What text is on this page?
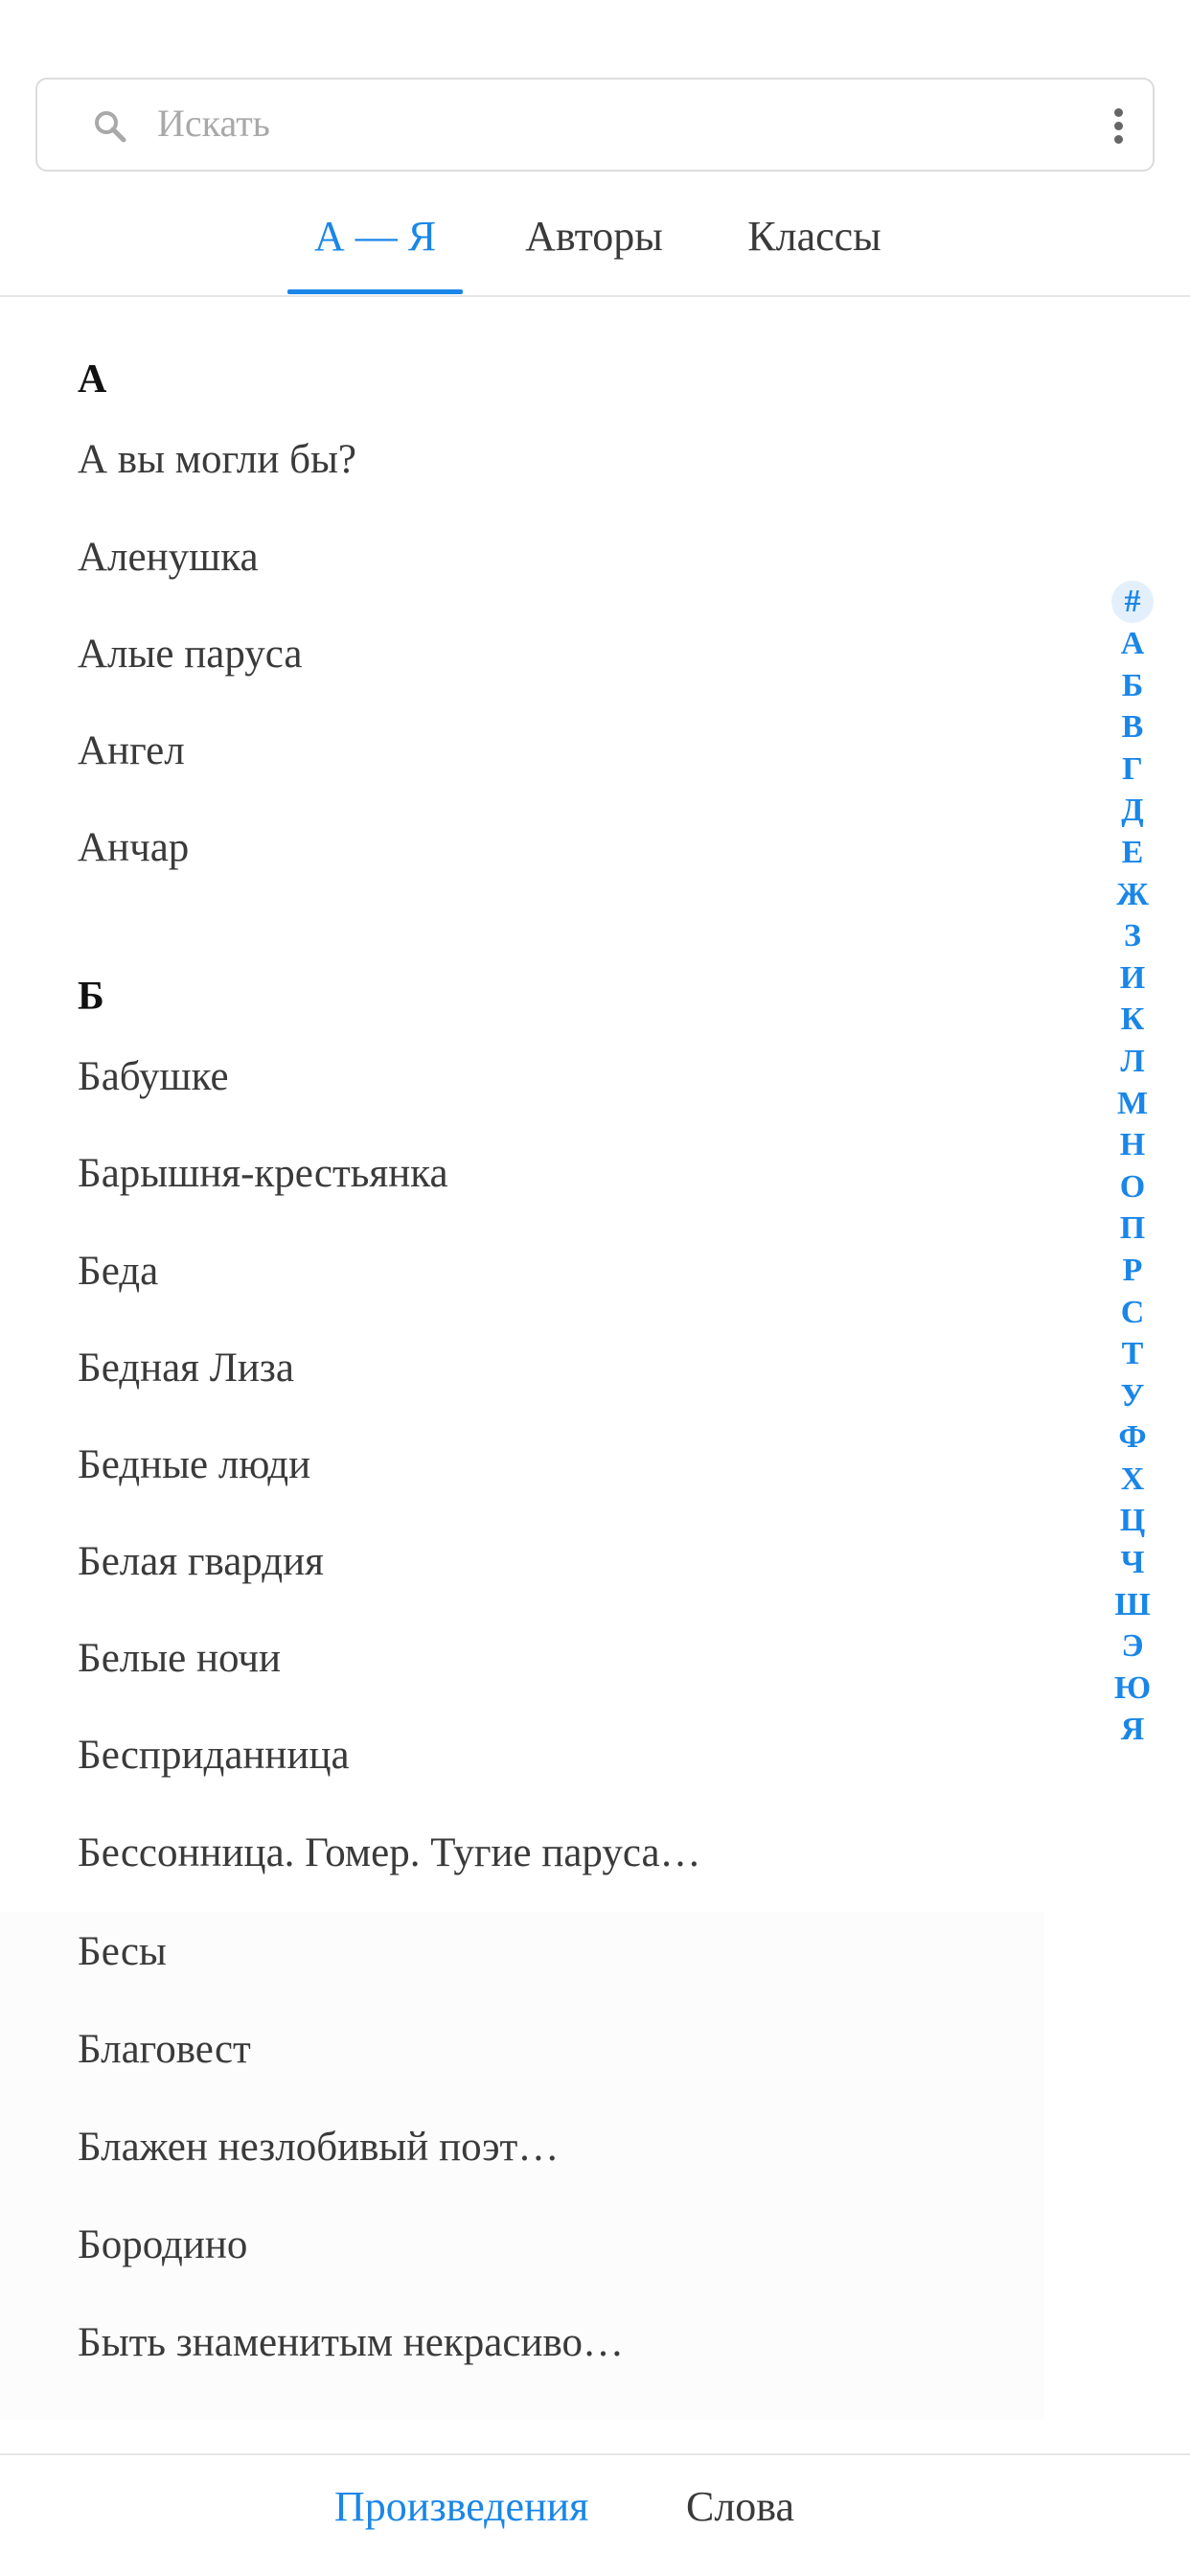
Искать
А — Я	Авторы	Классы
А
А вы могли бы?
Аленушка
Алые паруса
Ангел
Анчар
Б
Бабушке
Барышня-крестьянка
Беда
Бедная Лиза
Бедные люди
Белая гвардия
Белые ночи
Бесприданница
Бессонница. Гомер. Тугие паруса…
Бесы
Благовест
Блажен незлобивый поэт…
Бородино
Быть знаменитым некрасиво…
#
А
Б
В
Г
Д
Е
Ж
З
И
К
Л
М
Н
О
П
Р
С
Т
У
Ф
Х
Ц
Ч
Ш
Э
Ю
Я
Произведения Слова
